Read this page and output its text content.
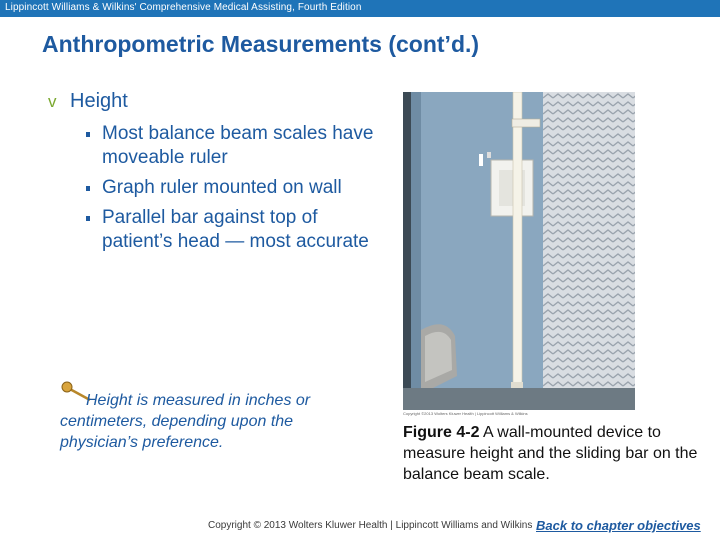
Lippincott Williams & Wilkins' Comprehensive Medical Assisting, Fourth Edition
Anthropometric Measurements (cont’d.)
v Height
Most balance beam scales have moveable ruler
Graph ruler mounted on wall
Parallel bar against top of patient’s head — most accurate
Height is measured in inches or centimeters, depending upon the physician’s preference.
Copyright ©2013 Wolters Kluwer Health | Lippincott Williams & Wilkins
Figure 4-2 A wall-mounted device to measure height and the sliding bar on the balance beam scale.
Copyright © 2013 Wolters Kluwer Health | Lippincott Williams and Wilkins Back to chapter objectives
